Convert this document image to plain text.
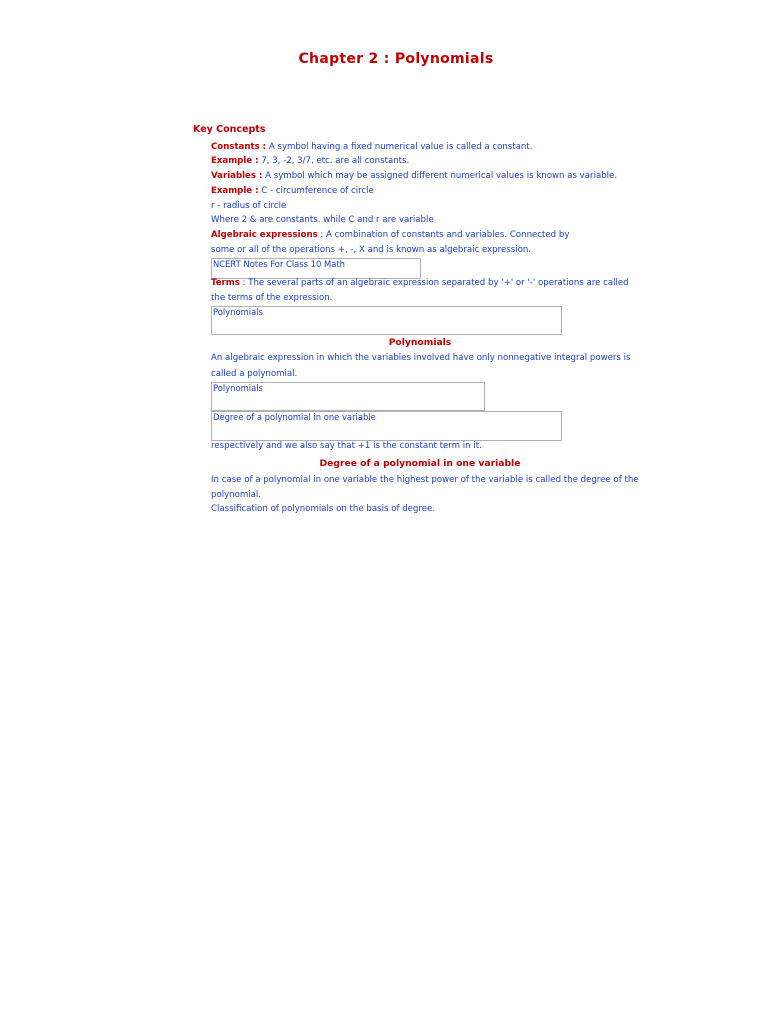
Chapter 2 : Polynomials
Key Concepts
Constants : A symbol having a fixed numerical value is called a constant.
Example : 7, 3, -2, 3/7, etc. are all constants.
Variables : A symbol which may be assigned different numerical values is known as variable.
Example : C - circumference of circle
r - radius of circle
Where 2 & are constants. while C and r are variable
Algebraic expressions : A combination of constants and variables. Connected by
some or all of the operations +, -, X and is known as algebraic expression.
NCERT Notes For Class 10 Math
Terms : The several parts of an algebraic expression separated by '+' or '-' operations are called
the terms of the expression.
Polynomials
Polynomials
An algebraic expression in which the variables involved have only nonnegative integral powers is
called a polynomial.
Polynomials
Degree of a polynomial in one variable
respectively and we also say that +1 is the constant term in it.
Degree of a polynomial in one variable
In case of a polynomial in one variable the highest power of the variable is called the degree of the
polynomial.
Classification of polynomials on the basis of degree.
